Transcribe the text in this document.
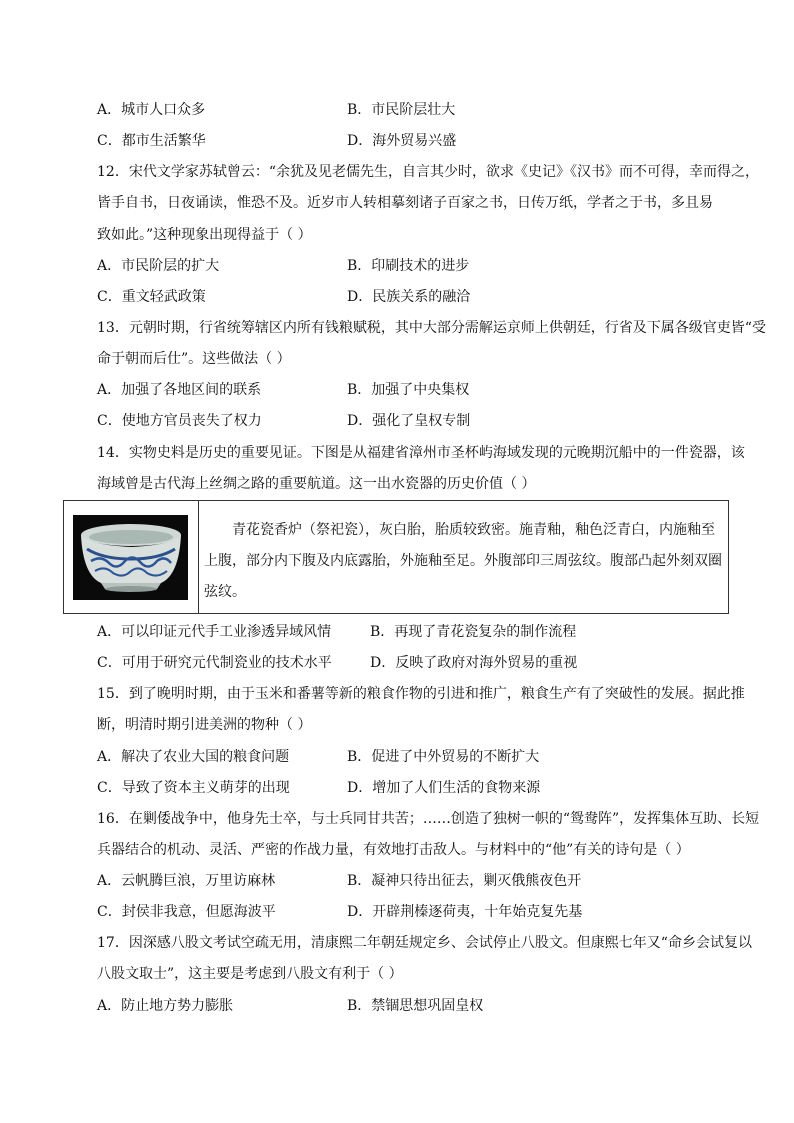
A．城市人口众多	B．市民阶层壮大
C．都市生活繁华	D．海外贸易兴盛
12．宋代文学家苏轼曾云：“余犹及见老儒先生，自言其少时，欲求《史记》《汉书》而不可得，幸而得之，
皆手自书，日夜诵读，惟恐不及。近岁市人转相摹刻诸子百家之书，日传万纸，学者之于书，多且易
致如此。”这种现象出现得益于（ ）
A．市民阶层的扩大	B．印刷技术的进步
C．重文轻武政策	D．民族关系的融洽
13．元朝时期，行省统筹辖区内所有钱粮赋税，其中大部分需解运京师上供朝廷，行省及下属各级官吏皆“受
命于朝而后仕”。这些做法（ ）
A．加强了各地区间的联系	B．加强了中央集权
C．使地方官员丧失了权力	D．强化了皇权专制
14．实物史料是历史的重要见证。下图是从福建省漳州市圣杯屿海域发现的元晚期沉船中的一件瓷器，该
海域曾是古代海上丝绸之路的重要航道。这一出水瓷器的历史价值（ ）
青花瓷香炉（祭祀瓷），灰白胎，胎质较致密。施青釉，釉色泛青白，内施釉至上腹，部分内下腹及内底露胎，外施釉至足。外腹部印三周弦纹。腹部凸起外刻双圈弦纹。
A．可以印证元代手工业渗透异域风情	B．再现了青花瓷复杂的制作流程
C．可用于研究元代制瓷业的技术水平	D．反映了政府对海外贸易的重视
15．到了晚明时期，由于玉米和番薯等新的粮食作物的引进和推广，粮食生产有了突破性的发展。据此推
断，明清时期引进美洲的物种（ ）
A．解决了农业大国的粮食问题	B．促进了中外贸易的不断扩大
C．导致了资本主义萌芽的出现	D．增加了人们生活的食物来源
16．在剿倭战争中，他身先士卒，与士兵同甘共苦；……创造了独树一帜的“鸳鸯阵”，发挥集体互助、长短
兵器结合的机动、灵活、严密的作战力量，有效地打击敌人。与材料中的“他”有关的诗句是（ ）
A．云帆腾巨浪，万里访麻林	B．凝神只待出征去，剿灭俄熊夜色开
C．封侯非我意，但愿海波平	D．开辟荆榛逐荷夷，十年始克复先基
17．因深感八股文考试空疏无用，清康熙二年朝廷规定乡、会试停止八股文。但康熙七年又“命乡会试复以
八股文取士”，这主要是考虑到八股文有利于（ ）
A．防止地方势力膨胀	B．禁锢思想巩固皇权
